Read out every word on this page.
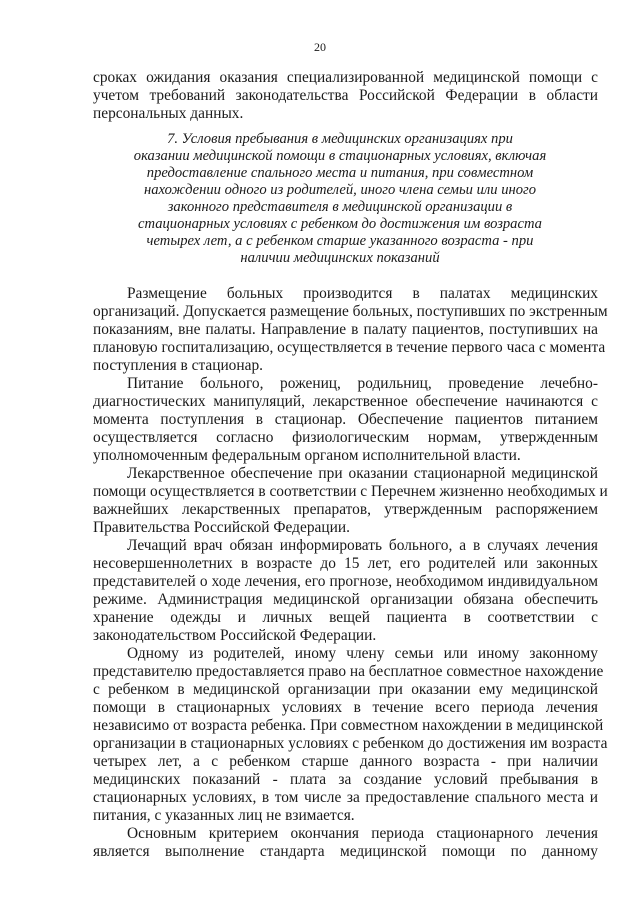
20
сроках ожидания оказания специализированной медицинской помощи с
учетом требований законодательства Российской Федерации в области
персональных данных.
7. Условия пребывания в медицинских организациях при
оказании медицинской помощи в стационарных условиях, включая
предоставление спального места и питания, при совместном
нахождении одного из родителей, иного члена семьи или иного
законного представителя в медицинской организации в
стационарных условиях с ребенком до достижения им возраста
четырех лет, а с ребенком старше указанного возраста - при
наличии медицинских показаний
Размещение больных производится в палатах медицинских
организаций. Допускается размещение больных, поступивших по экстренным
показаниям, вне палаты. Направление в палату пациентов, поступивших на
плановую госпитализацию, осуществляется в течение первого часа с момента
поступления в стационар.
Питание больного, рожениц, родильниц, проведение лечебно-
диагностических манипуляций, лекарственное обеспечение начинаются с
момента поступления в стационар. Обеспечение пациентов питанием
осуществляется согласно физиологическим нормам, утвержденным
уполномоченным федеральным органом исполнительной власти.
Лекарственное обеспечение при оказании стационарной медицинской
помощи осуществляется в соответствии с Перечнем жизненно необходимых и
важнейших лекарственных препаратов, утвержденным распоряжением
Правительства Российской Федерации.
Лечащий врач обязан информировать больного, а в случаях лечения
несовершеннолетних в возрасте до 15 лет, его родителей или законных
представителей о ходе лечения, его прогнозе, необходимом индивидуальном
режиме. Администрация медицинской организации обязана обеспечить
хранение одежды и личных вещей пациента в соответствии с
законодательством Российской Федерации.
Одному из родителей, иному члену семьи или иному законному
представителю предоставляется право на бесплатное совместное нахождение
с ребенком в медицинской организации при оказании ему медицинской
помощи в стационарных условиях в течение всего периода лечения
независимо от возраста ребенка. При совместном нахождении в медицинской
организации в стационарных условиях с ребенком до достижения им возраста
четырех лет, а с ребенком старше данного возраста - при наличии
медицинских показаний - плата за создание условий пребывания в
стационарных условиях, в том числе за предоставление спального места и
питания, с указанных лиц не взимается.
Основным критерием окончания периода стационарного лечения
является выполнение стандарта медицинской помощи по данному
